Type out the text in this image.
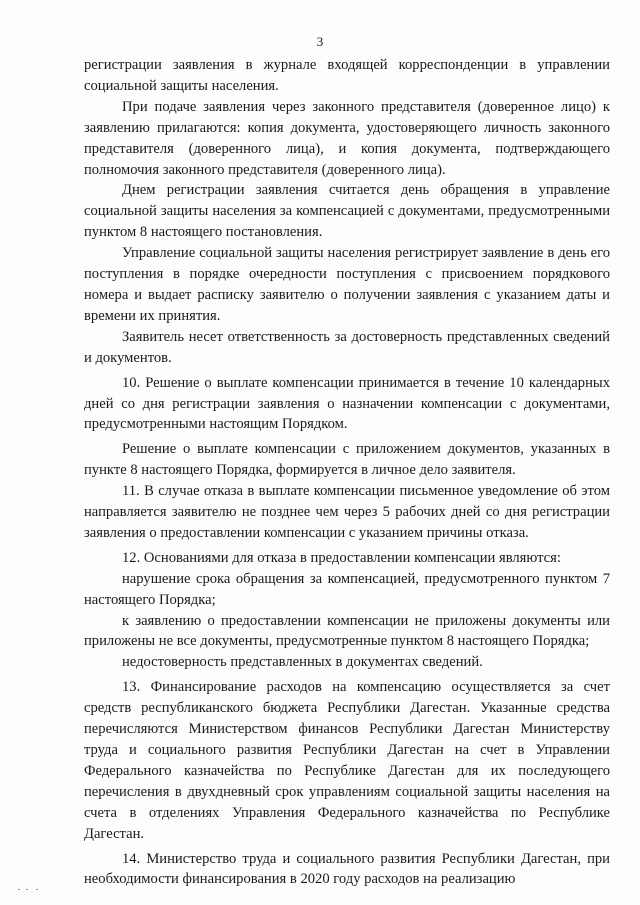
3

регистрации заявления в журнале входящей корреспонденции в управлении социальной защиты населения.

При подаче заявления через законного представителя (доверенное лицо) к заявлению прилагаются: копия документа, удостоверяющего личность законного представителя (доверенного лица), и копия документа, подтверждающего полномочия законного представителя (доверенного лица).

Днем регистрации заявления считается день обращения в управление социальной защиты населения за компенсацией с документами, предусмотренными пунктом 8 настоящего постановления.

Управление социальной защиты населения регистрирует заявление в день его поступления в порядке очередности поступления с присвоением порядкового номера и выдает расписку заявителю о получении заявления с указанием даты и времени их принятия.

Заявитель несет ответственность за достоверность представленных сведений и документов.

10. Решение о выплате компенсации принимается в течение 10 календарных дней со дня регистрации заявления о назначении компенсации с документами, предусмотренными настоящим Порядком.

Решение о выплате компенсации с приложением документов, указанных в пункте 8 настоящего Порядка, формируется в личное дело заявителя.

11. В случае отказа в выплате компенсации письменное уведомление об этом направляется заявителю не позднее чем через 5 рабочих дней со дня регистрации заявления о предоставлении компенсации с указанием причины отказа.

12. Основаниями для отказа в предоставлении компенсации являются:

нарушение срока обращения за компенсацией, предусмотренного пунктом 7 настоящего Порядка;

к заявлению о предоставлении компенсации не приложены документы или приложены не все документы, предусмотренные пунктом 8 настоящего Порядка;

недостоверность представленных в документах сведений.

13. Финансирование расходов на компенсацию осуществляется за счет средств республиканского бюджета Республики Дагестан. Указанные средства перечисляются Министерством финансов Республики Дагестан Министерству труда и социального развития Республики Дагестан на счет в Управлении Федерального казначейства по Республике Дагестан для их последующего перечисления в двухдневный срок управлениям социальной защиты населения на счета в отделениях Управления Федерального казначейства по Республике Дагестан.

14. Министерство труда и социального развития Республики Дагестан, при необходимости финансирования в 2020 году расходов на реализацию
